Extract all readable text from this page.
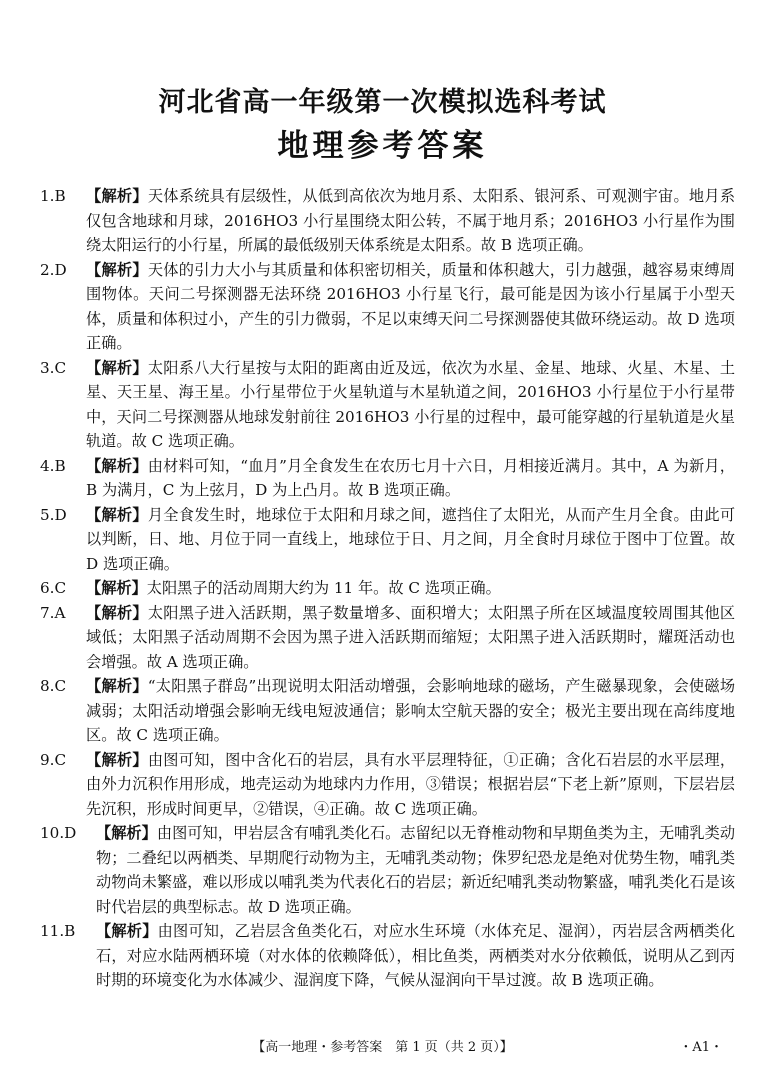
河北省高一年级第一次模拟选科考试
地理参考答案
1.B 【解析】天体系统具有层级性，从低到高依次为地月系、太阳系、银河系、可观测宇宙。地月系仅包含地球和月球，2016HO3 小行星围绕太阳公转，不属于地月系；2016HO3 小行星作为围绕太阳运行的小行星，所属的最低级别天体系统是太阳系。故 B 选项正确。
2.D 【解析】天体的引力大小与其质量和体积密切相关，质量和体积越大，引力越强，越容易束缚周围物体。天问二号探测器无法环绕 2016HO3 小行星飞行，最可能是因为该小行星属于小型天体，质量和体积过小，产生的引力微弱，不足以束缚天问二号探测器使其做环绕运动。故 D 选项正确。
3.C 【解析】太阳系八大行星按与太阳的距离由近及远，依次为水星、金星、地球、火星、木星、土星、天王星、海王星。小行星带位于火星轨道与木星轨道之间，2016HO3 小行星位于小行星带中，天问二号探测器从地球发射前往 2016HO3 小行星的过程中，最可能穿越的行星轨道是火星轨道。故 C 选项正确。
4.B 【解析】由材料可知，“血月”月全食发生在农历七月十六日，月相接近满月。其中，A 为新月，B 为满月，C 为上弦月，D 为上凸月。故 B 选项正确。
5.D 【解析】月全食发生时，地球位于太阳和月球之间，遮挡住了太阳光，从而产生月全食。由此可以判断，日、地、月位于同一直线上，地球位于日、月之间，月全食时月球位于图中丁位置。故 D 选项正确。
6.C 【解析】太阳黑子的活动周期大约为 11 年。故 C 选项正确。
7.A 【解析】太阳黑子进入活跃期，黑子数量增多、面积增大；太阳黑子所在区域温度较周围其他区域低；太阳黑子活动周期不会因为黑子进入活跃期而缩短；太阳黑子进入活跃期时，耀斑活动也会增强。故 A 选项正确。
8.C 【解析】“太阳黑子群岛”出现说明太阳活动增强，会影响地球的磁场，产生磁暴现象，会使磁场减弱；太阳活动增强会影响无线电短波通信；影响太空航天器的安全；极光主要出现在高纬度地区。故 C 选项正确。
9.C 【解析】由图可知，图中含化石的岩层，具有水平层理特征，①正确；含化石岩层的水平层理，由外力沉积作用形成，地壳运动为地球内力作用，③错误；根据岩层“下老上新”原则，下层岩层先沉积，形成时间更早，②错误，④正确。故 C 选项正确。
10.D 【解析】由图可知，甲岩层含有哺乳类化石。志留纪以无脊椎动物和早期鱼类为主，无哺乳类动物；二叠纪以两栖类、早期爬行动物为主，无哺乳类动物；侏罗纪恐龙是绝对优势生物，哺乳类动物尚未繁盛，难以形成以哺乳类为代表化石的岩层；新近纪哺乳类动物繁盛，哺乳类化石是该时代岩层的典型标志。故 D 选项正确。
11.B 【解析】由图可知，乙岩层含鱼类化石，对应水生环境（水体充足、湿润），丙岩层含两栖类化石，对应水陆两栖环境（对水体的依赖降低），相比鱼类，两栖类对水分依赖低，说明从乙到丙时期的环境变化为水体减少、湿润度下降，气候从湿润向干旱过渡。故 B 选项正确。
【高一地理・参考答案　第 1 页（共 2 页）】	・A1・
